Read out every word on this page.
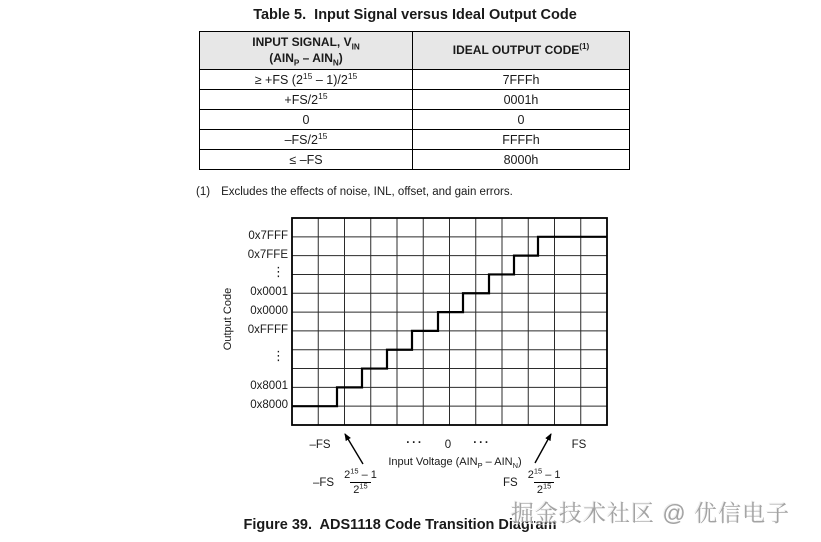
Table 5.  Input Signal versus Ideal Output Code
INPUT SIGNAL, $V_{IN}$
$(AIN_P - AIN_N)$	IDEAL OUTPUT $CODE^{(1)}$
≥ +FS $(2^{15} - 1)/2^{15}$	7FFFh
$+FS/2^{15}$	0001h
0	0
$-FS/2^{15}$	FFFFh
≤ –FS	8000h
(1) Excludes the effects of noise, INL, offset, and gain errors.
Output Code
0x7FFF
0x7FFE
⋮
0x0001
0x0000
0xFFFF
⋮
0x8001
0x8000
–FS	···	0	···	FS
Input Voltage $(AIN_P - AIN_N)$
$-FS \frac{2^{15} - 1}{2^{15}}$	FS $\frac{2^{15} - 1}{2^{15}}$
Figure 39.  ADS1118 Code Transition Diagram
掘金技术社区 @ 优信电子
